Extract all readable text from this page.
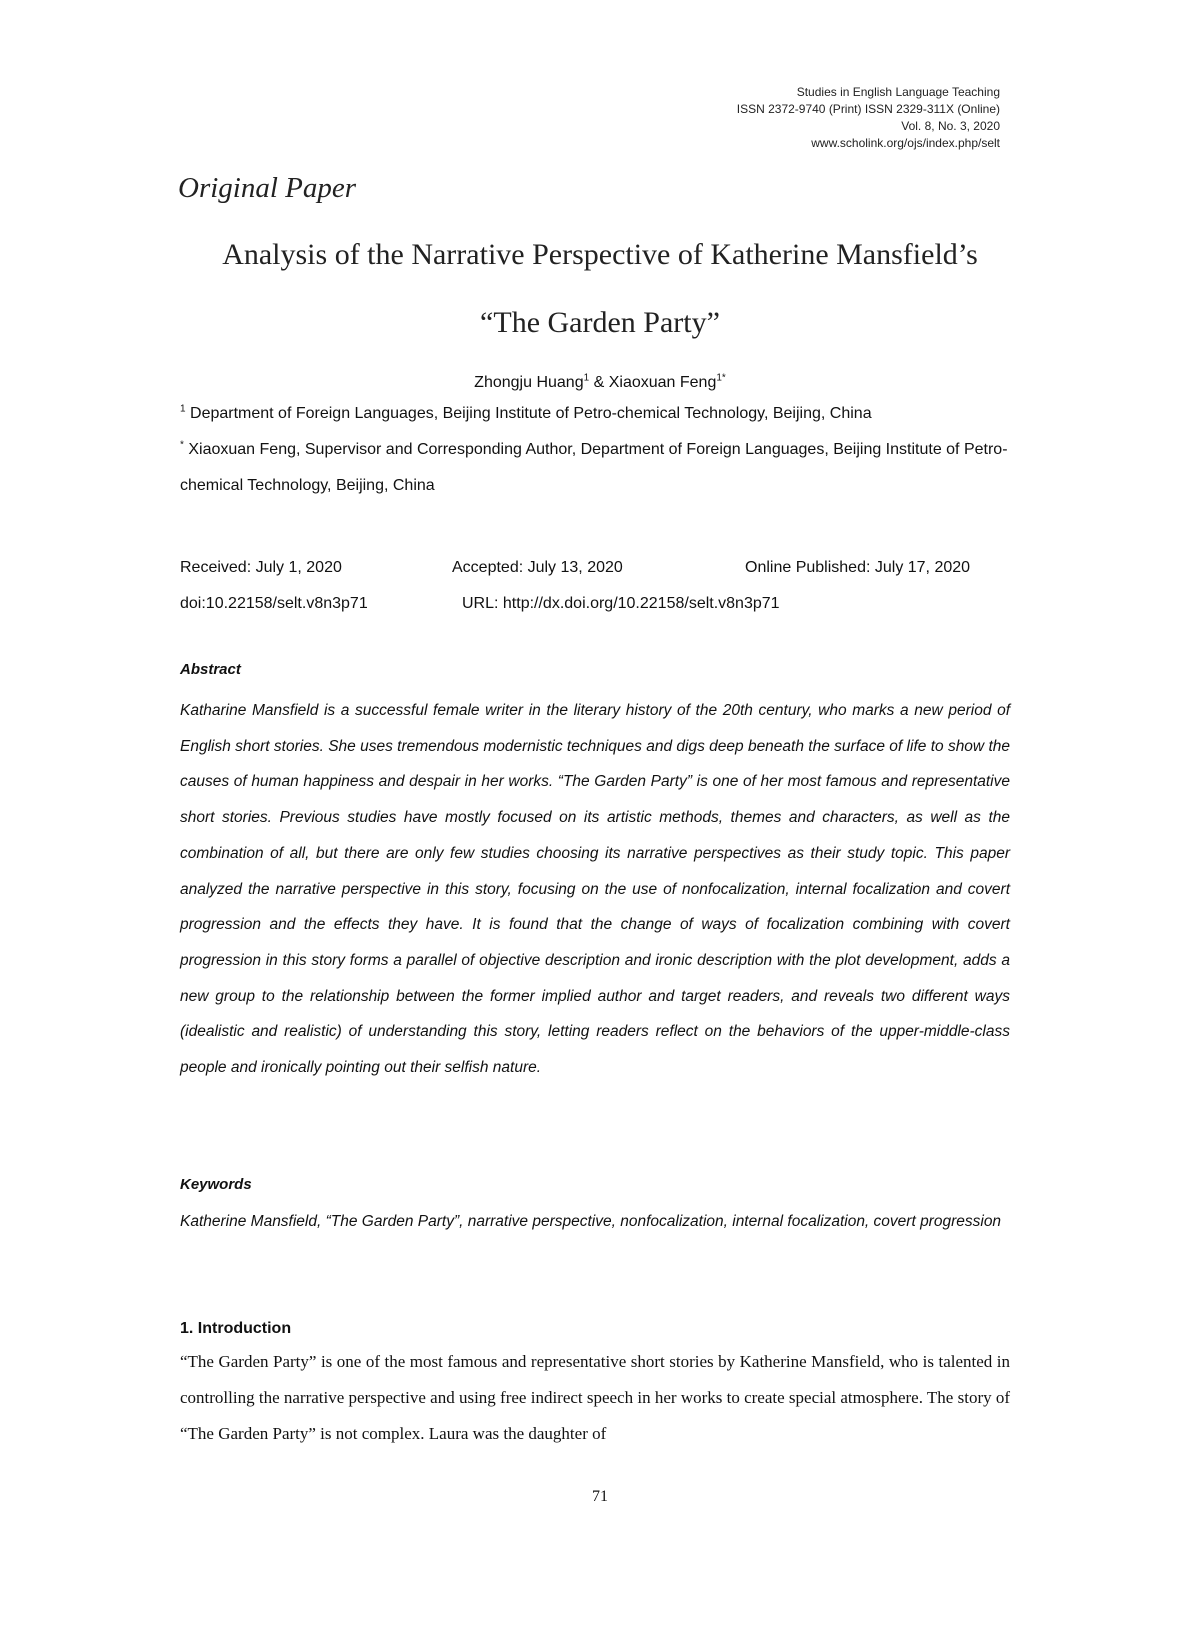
Studies in English Language Teaching
ISSN 2372-9740 (Print) ISSN 2329-311X (Online)
Vol. 8, No. 3, 2020
www.scholink.org/ojs/index.php/selt
Original Paper
Analysis of the Narrative Perspective of Katherine Mansfield’s
“The Garden Party”
Zhongju Huang$^1$ & Xiaoxuan Feng$^{1*}$
$^1$ Department of Foreign Languages, Beijing Institute of Petro-chemical Technology, Beijing, China
* Xiaoxuan Feng, Supervisor and Corresponding Author, Department of Foreign Languages, Beijing Institute of Petro-chemical Technology, Beijing, China
Received: July 1, 2020	Accepted: July 13, 2020	Online Published: July 17, 2020
doi:10.22158/selt.v8n3p71	URL: http://dx.doi.org/10.22158/selt.v8n3p71
Abstract
Katharine Mansfield is a successful female writer in the literary history of the 20th century, who marks a new period of English short stories. She uses tremendous modernistic techniques and digs deep beneath the surface of life to show the causes of human happiness and despair in her works. “The Garden Party” is one of her most famous and representative short stories. Previous studies have mostly focused on its artistic methods, themes and characters, as well as the combination of all, but there are only few studies choosing its narrative perspectives as their study topic. This paper analyzed the narrative perspective in this story, focusing on the use of nonfocalization, internal focalization and covert progression and the effects they have. It is found that the change of ways of focalization combining with covert progression in this story forms a parallel of objective description and ironic description with the plot development, adds a new group to the relationship between the former implied author and target readers, and reveals two different ways (idealistic and realistic) of understanding this story, letting readers reflect on the behaviors of the upper-middle-class people and ironically pointing out their selfish nature.
Keywords
Katherine Mansfield, “The Garden Party”, narrative perspective, nonfocalization, internal focalization, covert progression
1. Introduction
“The Garden Party” is one of the most famous and representative short stories by Katherine Mansfield, who is talented in controlling the narrative perspective and using free indirect speech in her works to create special atmosphere. The story of “The Garden Party” is not complex. Laura was the daughter of
71
